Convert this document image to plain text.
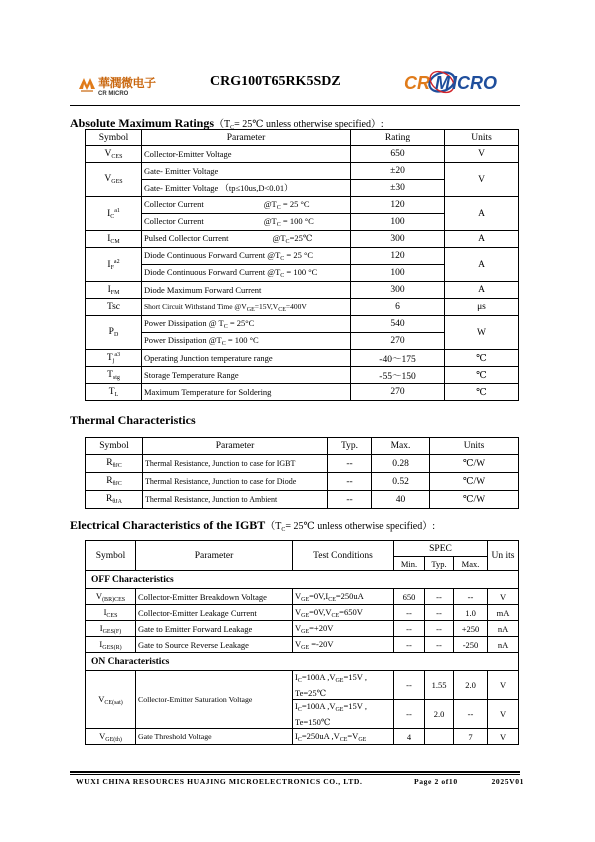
華潤微电子
CR MICRO
CRG100T65RK5SDZ	CR M ICRO
Absolute Maximum $Ratings(T_C=$ 25℃ unless otherwise specified）:
Symbol	Parameter	Rating	Units
$V_{CES}$	Collector-Emitter Voltage	650	V
$V_{GES}$	Gate- Emitter Voltage	±20	V
	Gate- Emitter Voltage （tp≤10us,D<0.01）	±30	
$I_C^{a1}$	Collector Current $@T_C = 25$ °C	120	A
	Collector Current $@T_C = 100$ °C	100	
$I_{CM}$	Pulsed Collector Current $@T_C=25℃$	300	A
$I_F^{a2}$	Diode Continuous Forward Current $@T_C = 25$ °C	120	A
	Diode Continuous Forward Current $@T_C = 100$ °C	100	
$I_{FM}$	Diode Maximum Forward Current	300	A
Tsc	Short Circuit Withstand Time $@V_{GE}=15V,V_{CE}=400V$	6	μs
$P_D$	Power Dissipation @ $T_C = 25^\circ C$	540	W
	Power Dissipation $@T_C = 100$ °C	270	
$T_j^{a3}$	Operating Junction temperature range	-40～175	℃
$T_{stg}$	Storage Temperature Range	-55～150	℃
$T_L$	Maximum Temperature for Soldering	270	℃
Thermal Characteristics
Symbol	Parameter	Typ.	Max.	Units
$R_{\theta JC}$	Thermal Resistance, Junction to case for IGBT	--	0.28	℃/W
$R_{\theta JC}$	Thermal Resistance, Junction to case for Diode	--	0.52	℃/W
$R_{\theta JA}$	Thermal Resistance, Junction to Ambient	--	40	℃/W
Electrical Characteristics of the $IGBT(T_C=$ 25℃ unless otherwise specified）:
Symbol	Parameter	Test Conditions	SPEC			Un its
			Min.	Typ.	Max.	
OFF Characteristics						
$V_{(BR)CES}$	Collector-Emitter Breakdown Voltage	$V_{GE}=0V,I_{CE}=250uA$	650	--	--	V
$I_{CES}$	Collector-Emitter Leakage Current	$V_{GE}=0V,V_{CE}=650V$	--	--	1.0	mA
$I_{GES(F)}$	Gate to Emitter Forward Leakage	$V_{GE}=+20V$	--	--	+250	nA
$I_{GES(R)}$	Gate to Source Reverse Leakage	$V_{GE} =-20V$	--	--	-250	nA
ON Characteristics						
$V_{CE(sat)}$	Collector-Emitter Saturation Voltage	$I_C=100A$ $,V_{GE}=15V$ ,
Te=25℃	--	1.55	2.0	V
		$I_C=100A$ $,V_{GE}=15V$ ,
Te=150℃	--	2.0	--	V
$V_{GE(th)}$	Gate Threshold Voltage	$I_C=250uA$ $,V_{CE}=V_{GE}$	4		7	V
WUXI CHINA RESOURCES HUAJING MICROELECTRONICS CO., LTD.	Page 2 of10	2025V01
